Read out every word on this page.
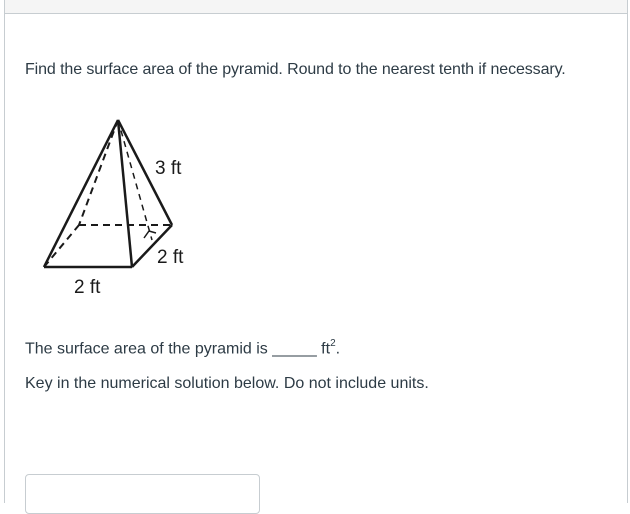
Find the surface area of the pyramid. Round to the nearest tenth if necessary.
3 ft
2 ft
2 ft
The surface area of the pyramid is _____ $ft^2$.
Key in the numerical solution below. Do not include units.
